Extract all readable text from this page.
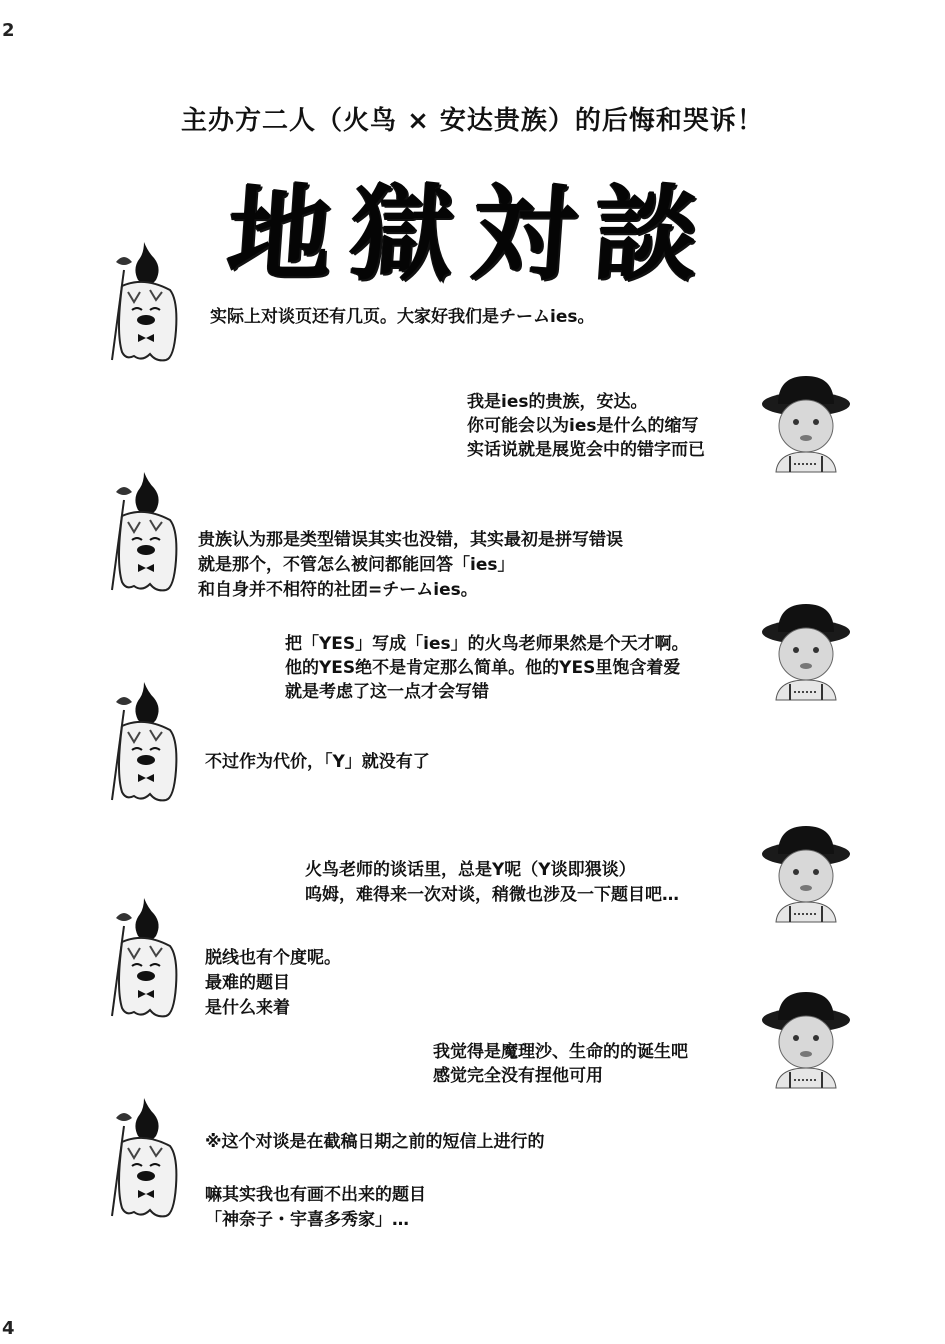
2
4
主办方二人（火鸟 × 安达贵族）的后悔和哭诉！
地獄対談
实际上对谈页还有几页。大家好我们是チームies。
我是ies的贵族，安达。
你可能会以为ies是什么的缩写
实话说就是展览会中的错字而已
贵族认为那是类型错误其实也没错，其实最初是拼写错误
就是那个，不管怎么被问都能回答「ies」
和自身并不相符的社团=チームies。
把「YES」写成「ies」的火鸟老师果然是个天才啊。
他的YES绝不是肯定那么简单。他的YES里饱含着爱
就是考虑了这一点才会写错
不过作为代价，「Y」就没有了
火鸟老师的谈话里，总是Y呢（Y谈即猥谈）
呜姆，难得来一次对谈，稍微也涉及一下题目吧…
脱线也有个度呢。
最难的题目
是什么来着
我觉得是魔理沙、生命的的诞生吧
感觉完全没有捏他可用
※这个对谈是在截稿日期之前的短信上进行的
嘛其实我也有画不出来的题目
「神奈子・宇喜多秀家」…
